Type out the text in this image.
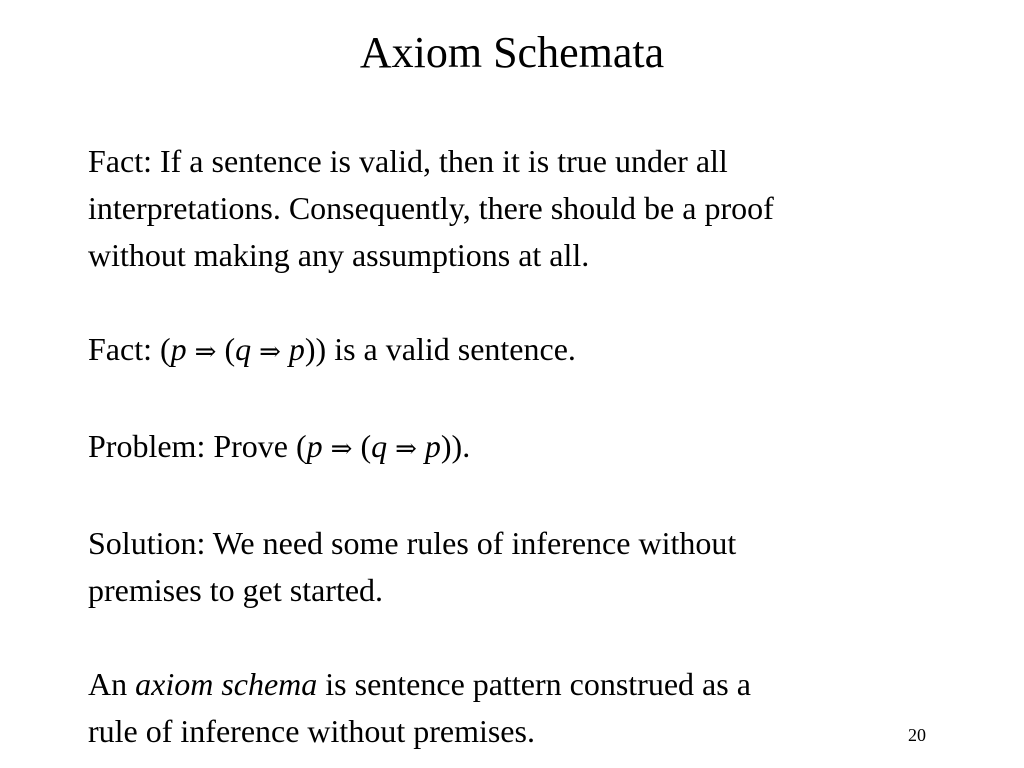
Axiom Schemata

Fact: If a sentence is valid, then it is true under all
interpretations. Consequently, there should be a proof
without making any assumptions at all.

Fact: (p ⇒ (q ⇒ p)) is a valid sentence.

Problem: Prove (p ⇒ (q ⇒ p)).

Solution: We need some rules of inference without
premises to get started.

An axiom schema is sentence pattern construed as a
rule of inference without premises.	20
